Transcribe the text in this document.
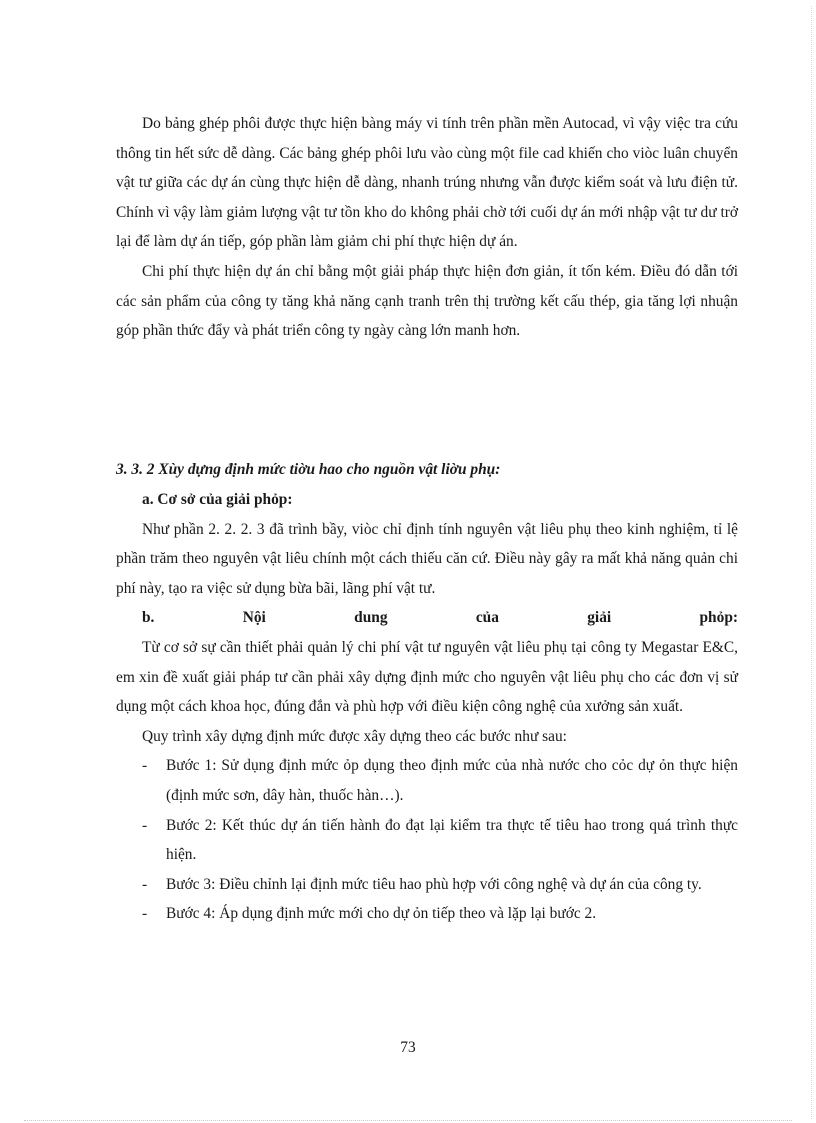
Do bảng ghép phôi được thực hiện bàng máy vi tính trên phần mền Autocad, vì vậy việc tra cứu thông tin hết sức dễ dàng. Các bảng ghép phôi lưu vào cùng một file cad khiến cho viòc luân chuyển vật tư giữa các dự án cùng thực hiện dễ dàng, nhanh trúng nhưng vẫn được kiểm soát và lưu điện tử. Chính vì vậy làm giảm lượng vật tư tồn kho do không phải chờ tới cuối dự án mới nhập vật tư dư trở lại để làm dự án tiếp, góp phần làm giảm chi phí thực hiện dự án.

Chi phí thực hiện dự án chỉ bằng một giải pháp thực hiện đơn giản, ít tốn kém. Điều đó dẫn tới các sản phẩm của công ty tăng khả năng cạnh tranh trên thị trường kết cấu thép, gia tăng lợi nhuận góp phần thức đẩy và phát triển công ty ngày càng lớn manh hơn.

3. 3. 2 Xùy dựng định mức tiờu hao cho nguồn vật liờu phụ:

a. Cơ sở của giải phỏp:

Như phần 2. 2. 2. 3 đã trình bầy, viòc chỉ định tính nguyên vật liêu phụ theo kinh nghiệm, tỉ lệ phần trăm theo nguyên vật liêu chính một cách thiếu căn cứ. Điều này gây ra mất khả năng quản chi phí này, tạo ra việc sử dụng bừa bãi, lãng phí vật tư.

b.	Nội	dung	của	giải	phỏp:

Từ cơ sở sự cần thiết phải quản lý chi phí vật tư nguyên vật liêu phụ tại công ty Megastar E&C, em xin đề xuất giải pháp tư cần phải xây dựng định mức cho nguyên vật liêu phụ cho các đơn vị sử dụng một cách khoa học, đúng đắn và phù hợp với điều kiện công nghệ của xưởng sản xuất.

Quy trình xây dựng định mức được xây dựng theo các bước như sau:

- Bước 1: Sử dụng định mức ỏp dụng theo định mức của nhà nước cho cỏc dự ỏn thực hiện (định mức sơn, dây hàn, thuốc hàn…).
- Bước 2: Kết thúc dự án tiến hành đo đạt lại kiểm tra thực tế tiêu hao trong quá trình thực hiện.
- Bước 3: Điều chỉnh lại định mức tiêu hao phù hợp với công nghệ và dự án của công ty.
- Bước 4: Áp dụng định mức mới cho dự ỏn tiếp theo và lặp lại bước 2.
73
